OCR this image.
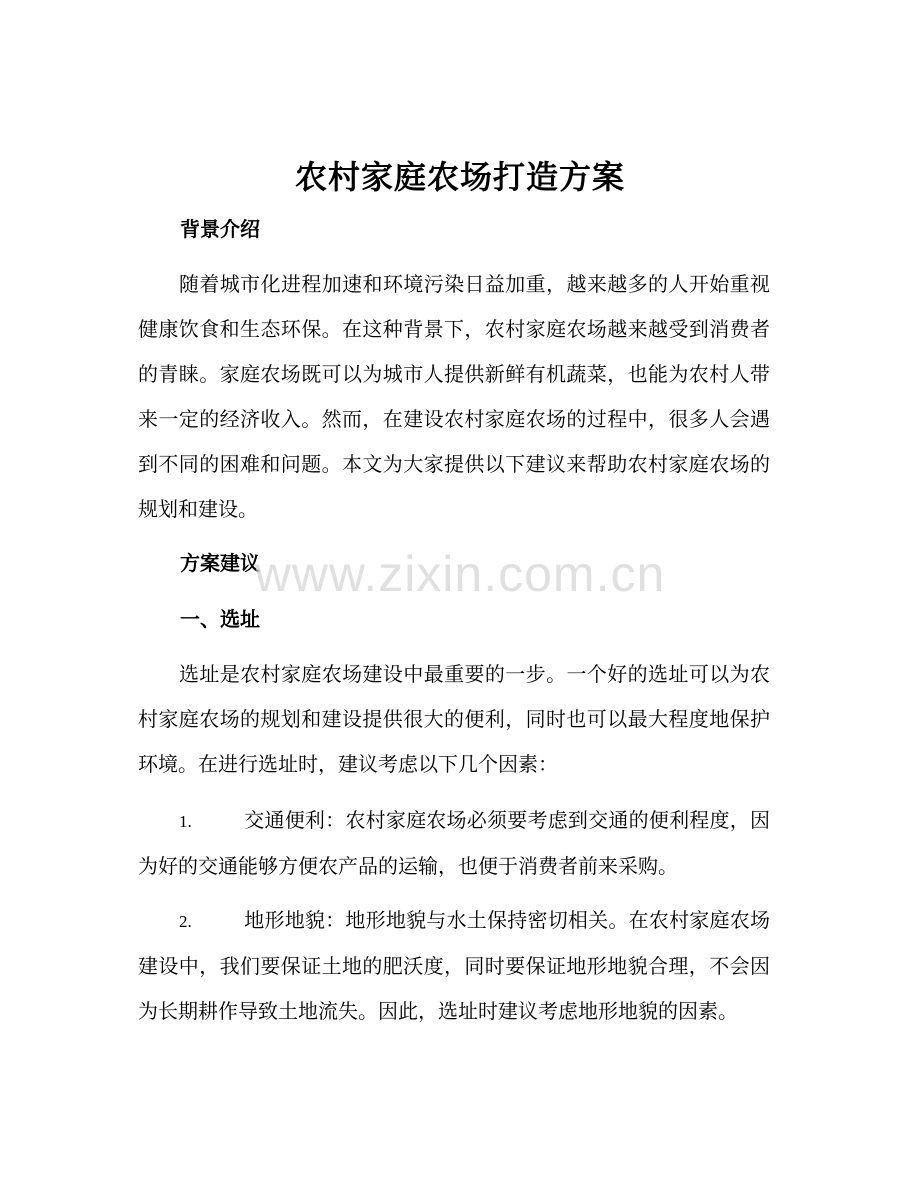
农村家庭农场打造方案
背景介绍

随着城市化进程加速和环境污染日益加重，越来越多的人开始重视健康饮食和生态环保。在这种背景下，农村家庭农场越来越受到消费者的青睐。家庭农场既可以为城市人提供新鲜有机蔬菜，也能为农村人带来一定的经济收入。然而，在建设农村家庭农场的过程中，很多人会遇到不同的困难和问题。本文为大家提供以下建议来帮助农村家庭农场的规划和建设。

方案建议
一、选址

选址是农村家庭农场建设中最重要的一步。一个好的选址可以为农村家庭农场的规划和建设提供很大的便利，同时也可以最大程度地保护环境。在进行选址时，建议考虑以下几个因素：

1.	交通便利：农村家庭农场必须要考虑到交通的便利程度，因为好的交通能够方便农产品的运输，也便于消费者前来采购。

2.	地形地貌：地形地貌与水土保持密切相关。在农村家庭农场建设中，我们要保证土地的肥沃度，同时要保证地形地貌合理，不会因为长期耕作导致土地流失。因此，选址时建议考虑地形地貌的因素。

www.zixin.com.cn
